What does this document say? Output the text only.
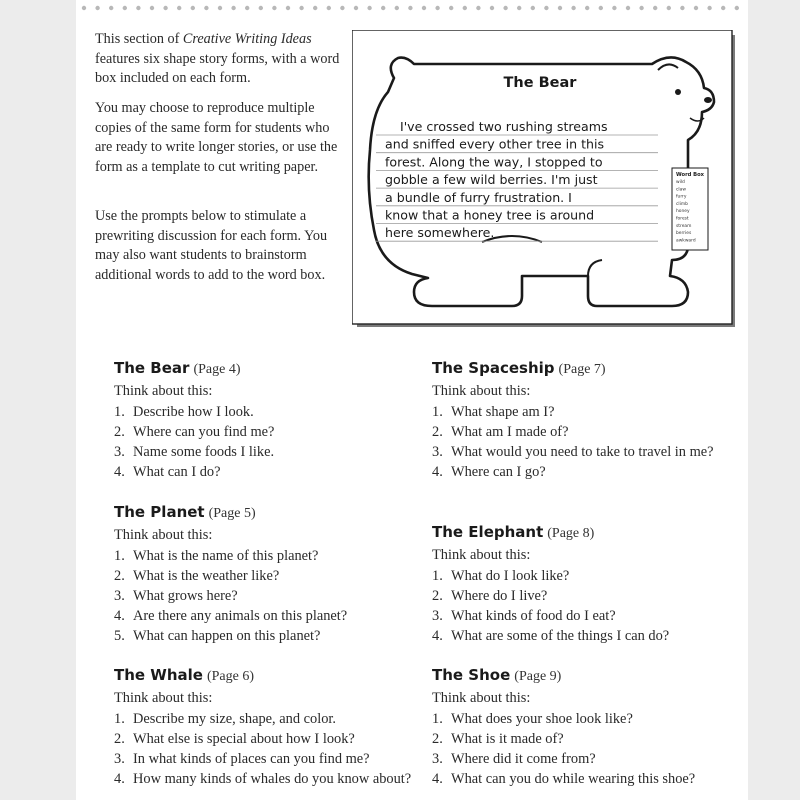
This section of Creative Writing Ideas features six shape story forms, with a word box included on each form.

You may choose to reproduce multiple copies of the same form for students who are ready to write longer stories, or use the form as a template to cut writing paper.

Use the prompts below to stimulate a prewriting discussion for each form. You may also want students to brainstorm additional words to add to the word box.

The Bear
I've crossed two rushing streams
and sniffed every other tree in this
forest. Along the way, I stopped to
gobble a few wild berries. I'm just
a bundle of furry frustration. I
know that a honey tree is around
here somewhere.
Word Box
wild
claw
furry
climb
honey
forest
stream
berries
awkward

The Bear (Page 4)

Think about this:

1. Describe how I look.
2. Where can you find me?
3. Name some foods I like.
4. What can I do?

The Planet (Page 5)

Think about this:

1. What is the name of this planet?
2. What is the weather like?
3. What grows here?
4. Are there any animals on this planet?
5. What can happen on this planet?

The Whale (Page 6)

Think about this:

1. Describe my size, shape, and color.
2. What else is special about how I look?
3. In what kinds of places can you find me?
4. How many kinds of whales do you know about?

The Spaceship (Page 7)

Think about this:

1. What shape am I?
2. What am I made of?
3. What would you need to take to travel in me?
4. Where can I go?

The Elephant (Page 8)

Think about this:

1. What do I look like?
2. Where do I live?
3. What kinds of food do I eat?
4. What are some of the things I can do?

The Shoe (Page 9)

Think about this:

1. What does your shoe look like?
2. What is it made of?
3. Where did it come from?
4. What can you do while wearing this shoe?
